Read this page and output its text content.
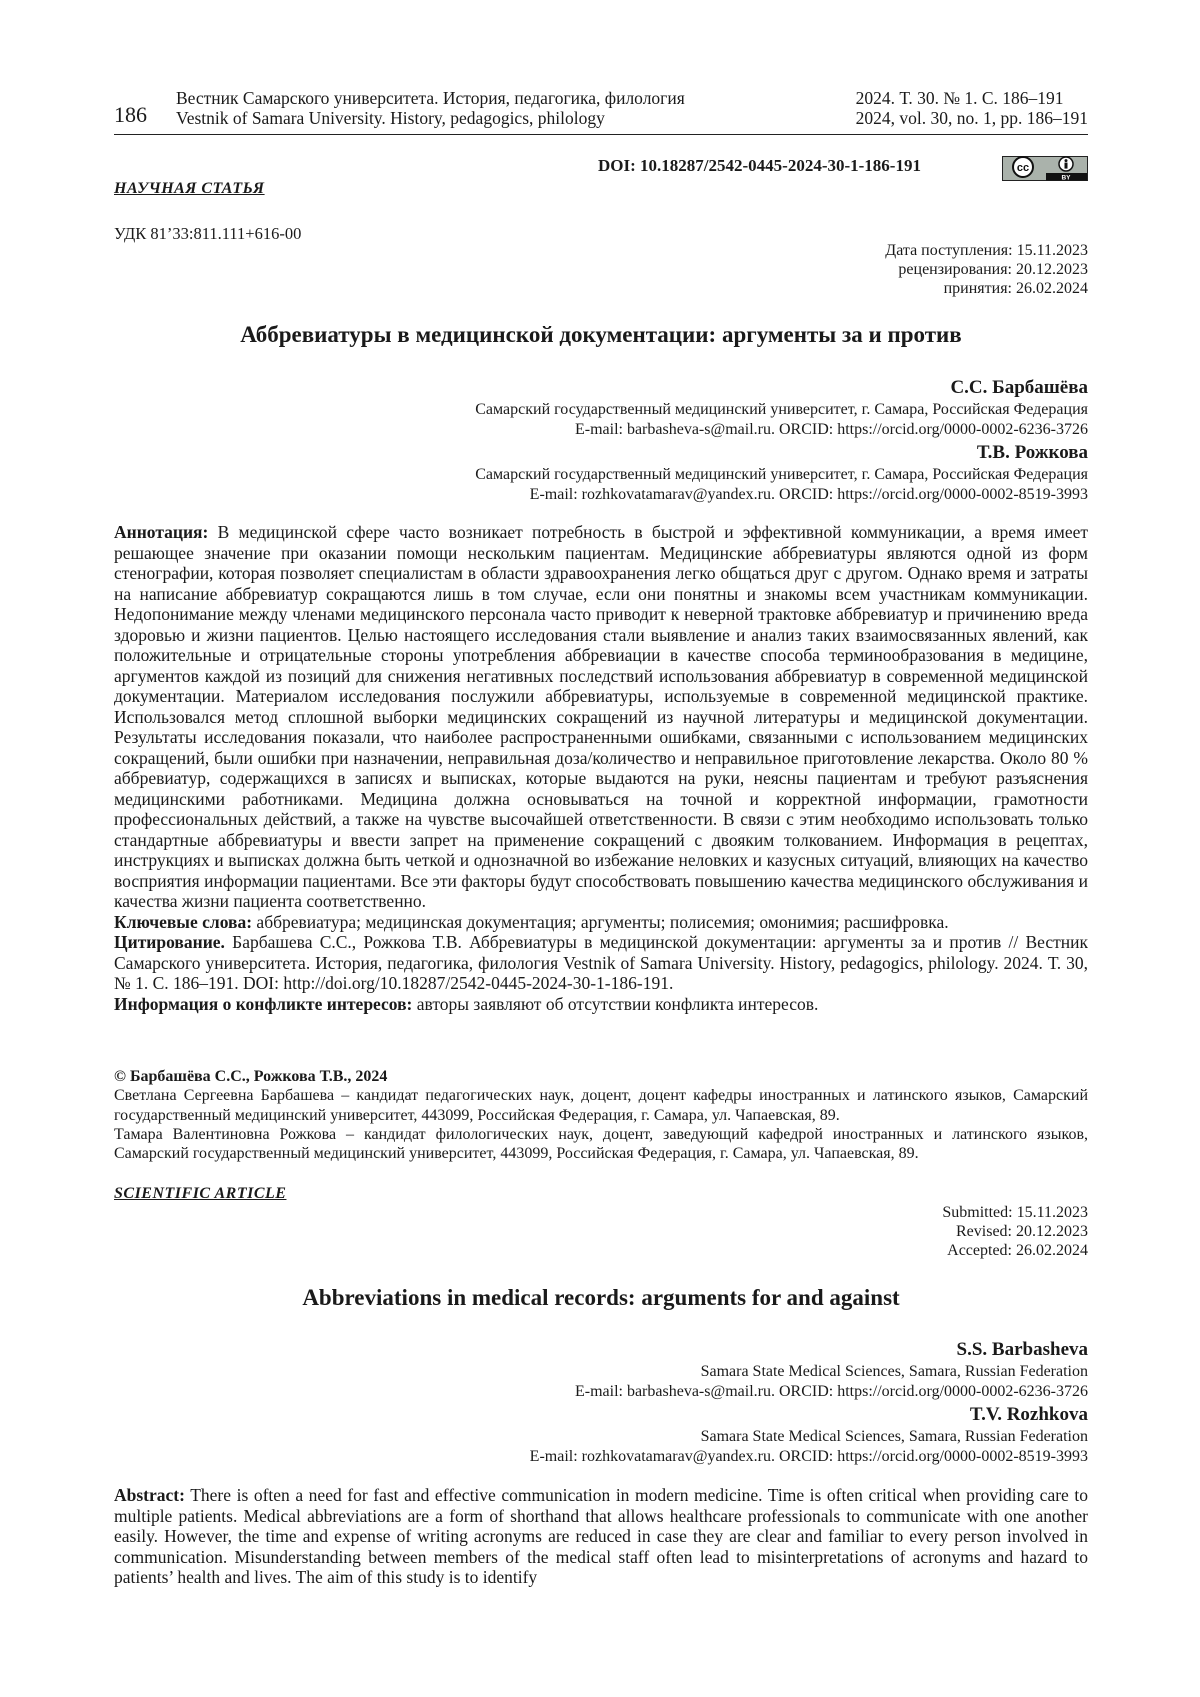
186
Вестник Самарского университета. История, педагогика, филология
Vestnik of Samara University. History, pedagogics, philology
2024. Т. 30. № 1. С. 186–191
2024, vol. 30, no. 1, pp. 186–191
DOI: 10.18287/2542-0445-2024-30-1-186-191	cc
BY
НАУЧНАЯ СТАТЬЯ
УДК 81’33:811.111+616-00
Дата поступления: 15.11.2023
рецензирования: 20.12.2023
принятия: 26.02.2024
Аббревиатуры в медицинской документации: аргументы за и против
С.С. Барбашёва
Самарский государственный медицинский университет, г. Самара, Российская Федерация
E-mail: barbasheva-s@mail.ru. ORCID: https://orcid.org/0000-0002-6236-3726
Т.В. Рожкова
Самарский государственный медицинский университет, г. Самара, Российская Федерация
E-mail: rozhkovatamarav@yandex.ru. ORCID: https://orcid.org/0000-0002-8519-3993

Аннотация: В медицинской сфере часто возникает потребность в быстрой и эффективной коммуникации, а время имеет решающее значение при оказании помощи нескольким пациентам. Медицинские аббревиатуры являются одной из форм стенографии, которая позволяет специалистам в области здравоохранения легко общаться друг с другом. Однако время и затраты на написание аббревиатур сокращаются лишь в том случае, если они понятны и знакомы всем участникам коммуникации. Недопонимание между членами медицинского персонала часто приводит к неверной трактовке аббревиатур и причинению вреда здоровью и жизни пациентов. Целью настоящего исследования стали выявление и анализ таких взаимосвязанных явлений, как положительные и отрицательные стороны употребления аббревиации в качестве способа терминообразования в медицине, аргументов каждой из позиций для снижения негативных последствий использования аббревиатур в современной медицинской документации. Материалом исследования послужили аббревиатуры, используемые в современной медицинской практике. Использовался метод сплошной выборки медицинских сокращений из научной литературы и медицинской документации. Результаты исследования показали, что наиболее распространенными ошибками, связанными с использованием медицинских сокращений, были ошибки при назначении, неправильная доза/количество и неправильное приготовление лекарства. Около 80 % аббревиатур, содержащихся в записях и выписках, которые выдаются на руки, неясны пациентам и требуют разъяснения медицинскими работниками. Медицина должна основываться на точной и корректной информации, грамотности профессиональных действий, а также на чувстве высочайшей ответственности. В связи с этим необходимо использовать только стандартные аббревиатуры и ввести запрет на применение сокращений с двояким толкованием. Информация в рецептах, инструкциях и выписках должна быть четкой и однозначной во избежание неловких и казусных ситуаций, влияющих на качество восприятия информации пациентами. Все эти факторы будут способствовать повышению качества медицинского обслуживания и качества жизни пациента соответственно.

Ключевые слова: аббревиатура; медицинская документация; аргументы; полисемия; омонимия; расшифровка.

Цитирование. Барбашева С.С., Рожкова Т.В. Аббревиатуры в медицинской документации: аргументы за и против // Вестник Самарского университета. История, педагогика, филология Vestnik of Samara University. History, pedagogics, philology. 2024. Т. 30, № 1. С. 186–191. DOI: http://doi.org/10.18287/2542-0445-2024-30-1-186-191.

Информация о конфликте интересов: авторы заявляют об отсутствии конфликта интересов.

© Барбашёва С.С., Рожкова Т.В., 2024

Светлана Сергеевна Барбашева – кандидат педагогических наук, доцент, доцент кафедры иностранных и латинского языков, Самарский государственный медицинский университет, 443099, Российская Федерация, г. Самара, ул. Чапаевская, 89.

Тамара Валентиновна Рожкова – кандидат филологических наук, доцент, заведующий кафедрой иностранных и латинского языков, Самарский государственный медицинский университет, 443099, Российская Федерация, г. Самара, ул. Чапаевская, 89.

SCIENTIFIC ARTICLE
Submitted: 15.11.2023
Revised: 20.12.2023
Accepted: 26.02.2024
Abbreviations in medical records: arguments for and against
S.S. Barbasheva
Samara State Medical Sciences, Samara, Russian Federation
E-mail: barbasheva-s@mail.ru. ORCID: https://orcid.org/0000-0002-6236-3726
T.V. Rozhkova
Samara State Medical Sciences, Samara, Russian Federation
E-mail: rozhkovatamarav@yandex.ru. ORCID: https://orcid.org/0000-0002-8519-3993

Abstract: There is often a need for fast and effective communication in modern medicine. Time is often critical when providing care to multiple patients. Medical abbreviations are a form of shorthand that allows healthcare professionals to communicate with one another easily. However, the time and expense of writing acronyms are reduced in case they are clear and familiar to every person involved in communication. Misunderstanding between members of the medical staff often lead to misinterpretations of acronyms and hazard to patients’ health and lives. The aim of this study is to identify
